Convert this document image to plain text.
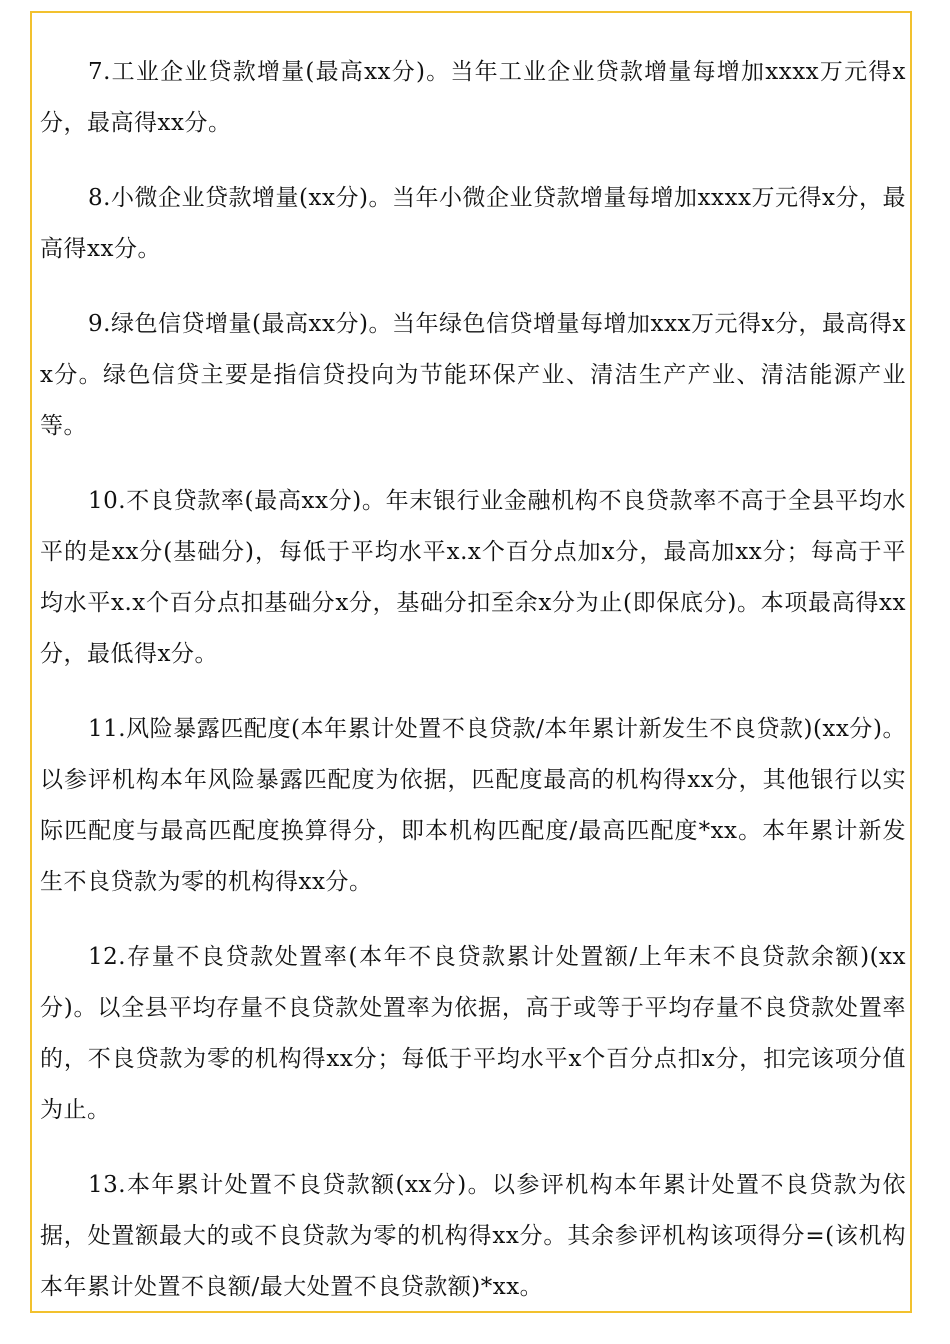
7.工业企业贷款增量(最高xx分)。当年工业企业贷款增量每增加xxxx万元得x分，最高得xx分。

8.小微企业贷款增量(xx分)。当年小微企业贷款增量每增加xxxx万元得x分，最高得xx分。

9.绿色信贷增量(最高xx分)。当年绿色信贷增量每增加xxx万元得x分，最高得xx分。绿色信贷主要是指信贷投向为节能环保产业、清洁生产产业、清洁能源产业等。

10.不良贷款率(最高xx分)。年末银行业金融机构不良贷款率不高于全县平均水平的是xx分(基础分)，每低于平均水平x.x个百分点加x分，最高加xx分；每高于平均水平x.x个百分点扣基础分x分，基础分扣至余x分为止(即保底分)。本项最高得xx分，最低得x分。

11.风险暴露匹配度(本年累计处置不良贷款/本年累计新发生不良贷款)(xx分)。以参评机构本年风险暴露匹配度为依据，匹配度最高的机构得xx分，其他银行以实际匹配度与最高匹配度换算得分，即本机构匹配度/最高匹配度*xx。本年累计新发生不良贷款为零的机构得xx分。

12.存量不良贷款处置率(本年不良贷款累计处置额/上年末不良贷款余额)(xx分)。以全县平均存量不良贷款处置率为依据，高于或等于平均存量不良贷款处置率的，不良贷款为零的机构得xx分；每低于平均水平x个百分点扣x分，扣完该项分值为止。

13.本年累计处置不良贷款额(xx分)。以参评机构本年累计处置不良贷款为依据，处置额最大的或不良贷款为零的机构得xx分。其余参评机构该项得分=(该机构本年累计处置不良额/最大处置不良贷款额)*xx。
